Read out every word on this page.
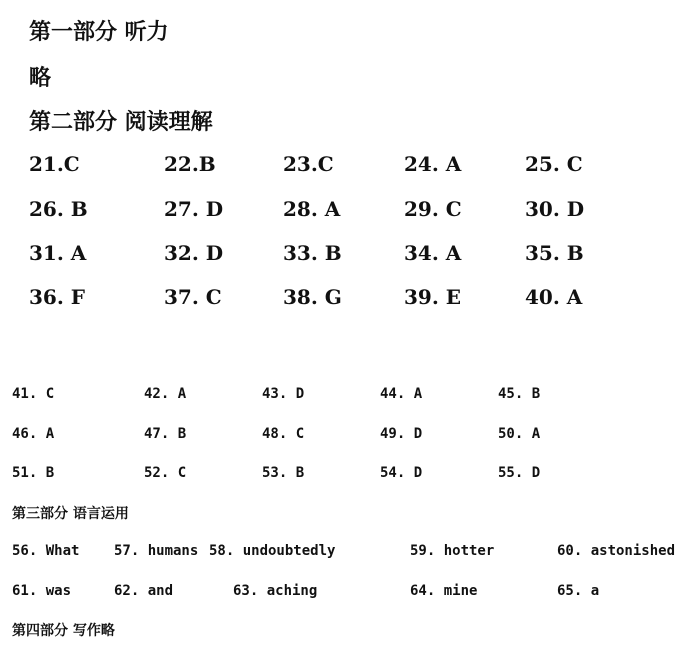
第一部分 听力
略
第二部分 阅读理解
21.C	22.B	23.C	24. A	25. C
26. B	27. D	28. A	29. C	30. D
31. A	32. D	33. B	34. A	35. B
36. F	37. C	38. G	39. E	40. A
41. C	42. A	43. D	44. A	45. B
46. A	47. B	48. C	49. D	50. A
51. B	52. C	53. B	54. D	55. D
第三部分 语言运用
56. What 57. humans 58. undoubtedly	59. hotter	60. astonished
61. was	62. and	63. aching	64. mine	65. a
第四部分 写作略
